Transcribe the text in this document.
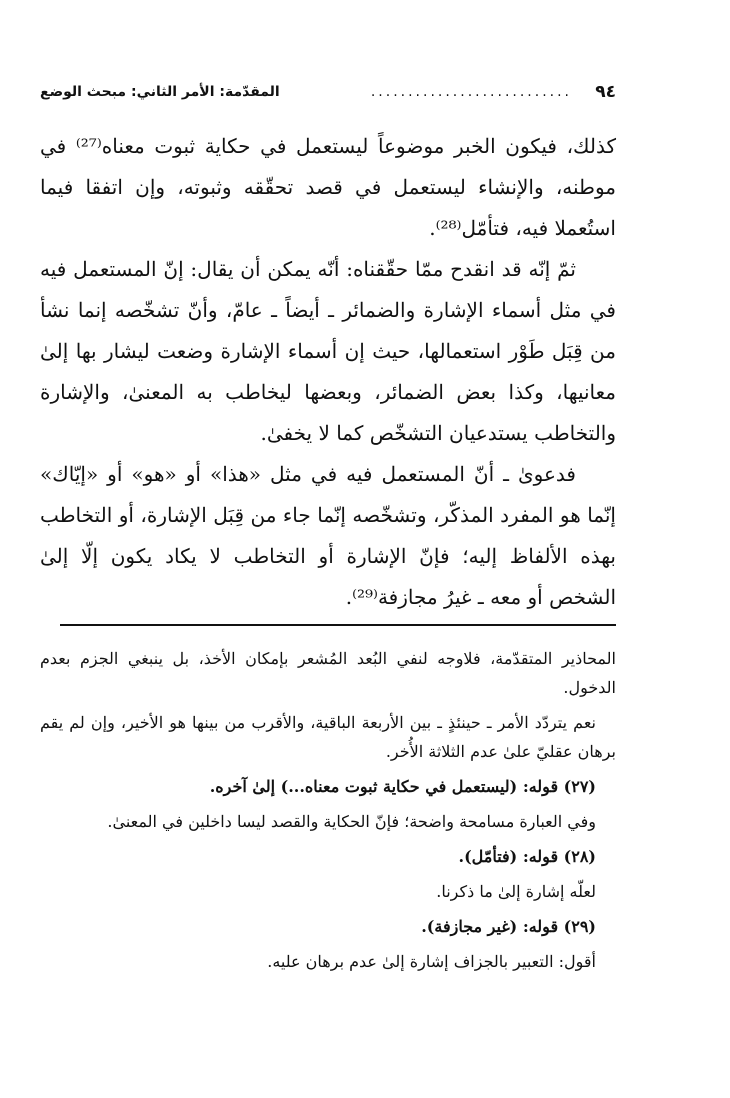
٩٤
...........................
المقدّمة: الأمر الثاني: مبحث الوضع

كذلك، فيكون الخبر موضوعاً ليستعمل في حكاية ثبوت معناه⁽²⁷⁾ في موطنه، والإنشاء ليستعمل في قصد تحقّقه وثبوته، وإن اتفقا فيما استُعملا فيه، فتأمّل⁽²⁸⁾.

ثمّ إنّه قد انقدح ممّا حقّقناه: أنّه يمكن أن يقال: إنّ المستعمل فيه في مثل أسماء الإشارة والضمائر ـ أيضاً ـ عامّ، وأنّ تشخّصه إنما نشأ من قِبَل طَوْر استعمالها، حيث إن أسماء الإشارة وضعت ليشار بها إلىٰ معانيها، وكذا بعض الضمائر، وبعضها ليخاطب به المعنىٰ، والإشارة والتخاطب يستدعيان التشخّص كما لا يخفىٰ.

فدعوىٰ ـ أنّ المستعمل فيه في مثل «هذا» أو «هو» أو «إيّاك» إنّما هو المفرد المذكّر، وتشخّصه إنّما جاء من قِبَل الإشارة، أو التخاطب بهذه الألفاظ إليه؛ فإنّ الإشارة أو التخاطب لا يكاد يكون إلّا إلىٰ الشخص أو معه ـ غيرُ مجازفة⁽²⁹⁾.

المحاذير المتقدّمة، فلاوجه لنفي البُعد المُشعر بإمكان الأخذ، بل ينبغي الجزم بعدم الدخول.

نعم يتردّد الأمر ـ حينئذٍ ـ بين الأربعة الباقية، والأقرب من بينها هو الأخير، وإن لم يقم برهان عقليّ علىٰ عدم الثلاثة الأُخر.

(٢٧) قوله: (ليستعمل في حكاية ثبوت معناه...) إلىٰ آخره.

وفي العبارة مسامحة واضحة؛ فإنّ الحكاية والقصد ليسا داخلين في المعنىٰ.

(٢٨) قوله: (فتأمّل).

لعلّه إشارة إلىٰ ما ذكرنا.

(٢٩) قوله: (غير مجازفة).

أقول: التعبير بالجزاف إشارة إلىٰ عدم برهان عليه.
